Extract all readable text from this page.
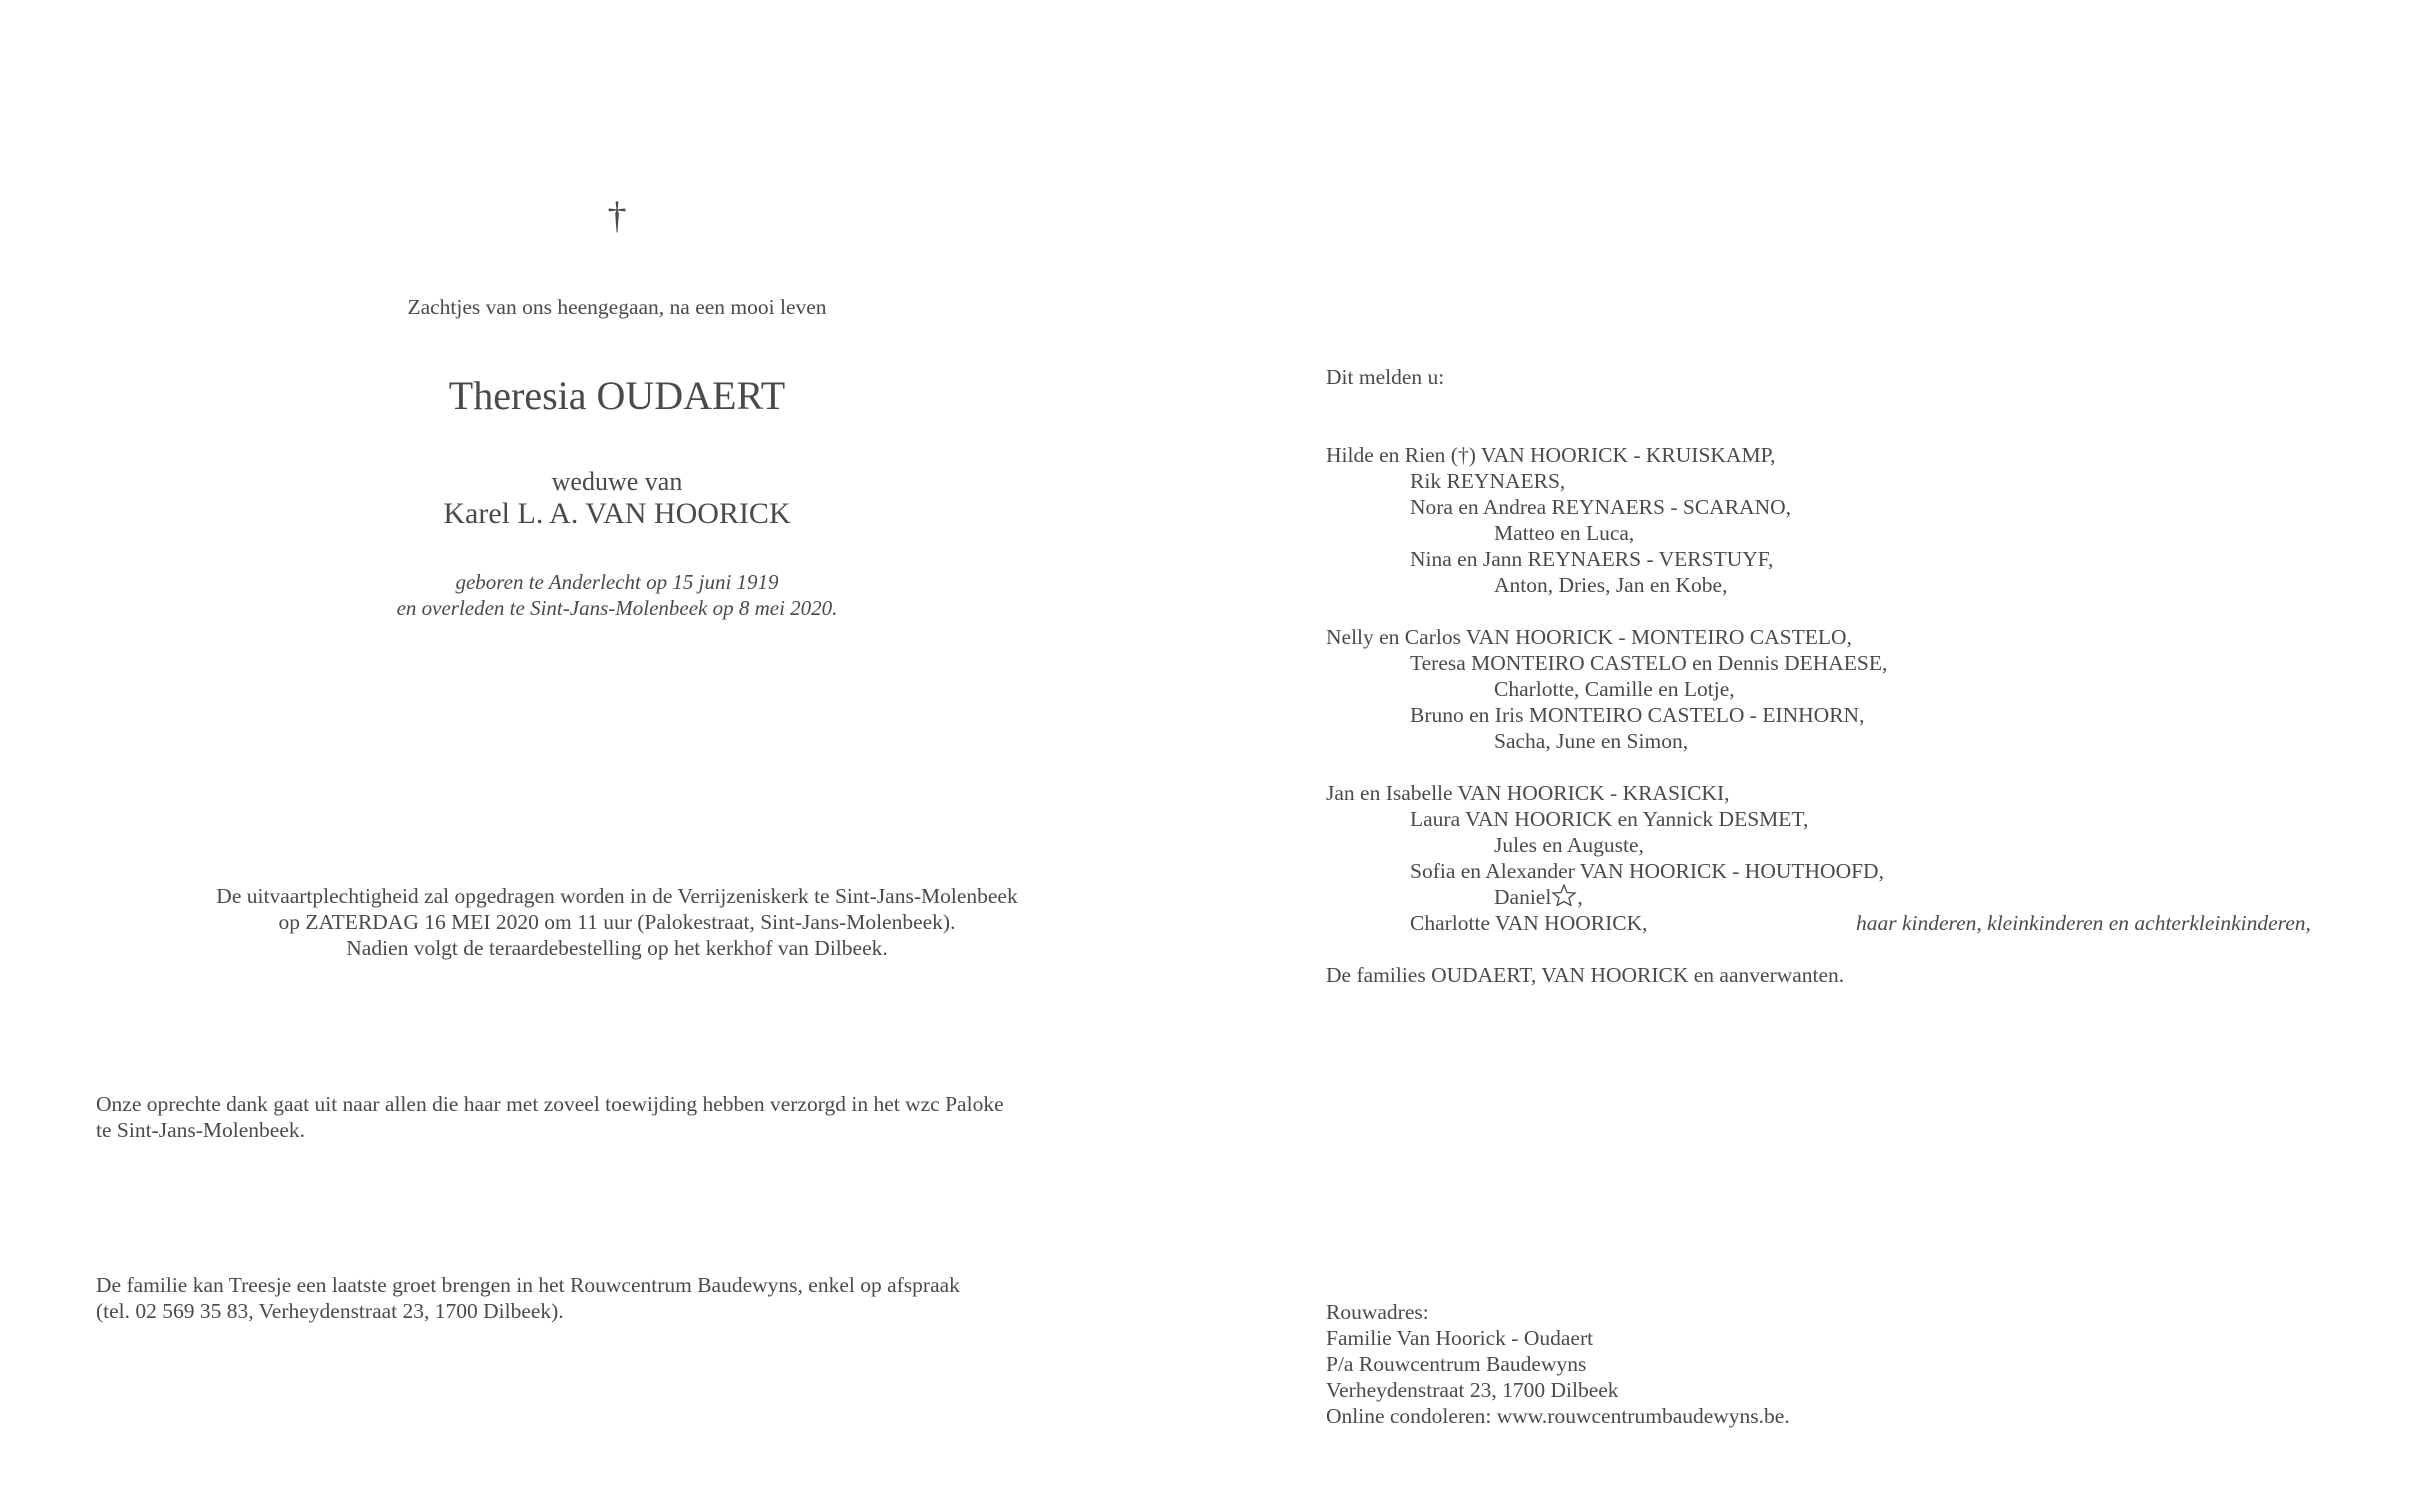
†
Zachtjes van ons heengegaan, na een mooi leven
Theresia OUDAERT
weduwe van
Karel L. A. VAN HOORICK
geboren te Anderlecht op 15 juni 1919
en overleden te Sint-Jans-Molenbeek op 8 mei 2020.
De uitvaartplechtigheid zal opgedragen worden in de Verrijzeniskerk te Sint-Jans-Molenbeek
op ZATERDAG 16 MEI 2020 om 11 uur (Palokestraat, Sint-Jans-Molenbeek).
Nadien volgt de teraardebestelling op het kerkhof van Dilbeek.
Onze oprechte dank gaat uit naar allen die haar met zoveel toewijding hebben verzorgd in het wzc Paloke
te Sint-Jans-Molenbeek.
De familie kan Treesje een laatste groet brengen in het Rouwcentrum Baudewyns, enkel op afspraak
(tel. 02 569 35 83, Verheydenstraat 23, 1700 Dilbeek).
Dit melden u:
Hilde en Rien (†) VAN HOORICK - KRUISKAMP,
Rik REYNAERS,
Nora en Andrea REYNAERS - SCARANO,
Matteo en Luca,
Nina en Jann REYNAERS - VERSTUYF,
Anton, Dries, Jan en Kobe,
Nelly en Carlos VAN HOORICK - MONTEIRO CASTELO,
Teresa MONTEIRO CASTELO en Dennis DEHAESE,
Charlotte, Camille en Lotje,
Bruno en Iris MONTEIRO CASTELO - EINHORN,
Sacha, June en Simon,
Jan en Isabelle VAN HOORICK - KRASICKI,
Laura VAN HOORICK en Yannick DESMET,
Jules en Auguste,
Sofia en Alexander VAN HOORICK - HOUTHOOFD,
Daniel ,
Charlotte VAN HOORICK,
De families OUDAERT, VAN HOORICK en aanverwanten.
haar kinderen, kleinkinderen en achterkleinkinderen,
Rouwadres:
Familie Van Hoorick - Oudaert
P/a Rouwcentrum Baudewyns
Verheydenstraat 23, 1700 Dilbeek
Online condoleren: www.rouwcentrumbaudewyns.be.
